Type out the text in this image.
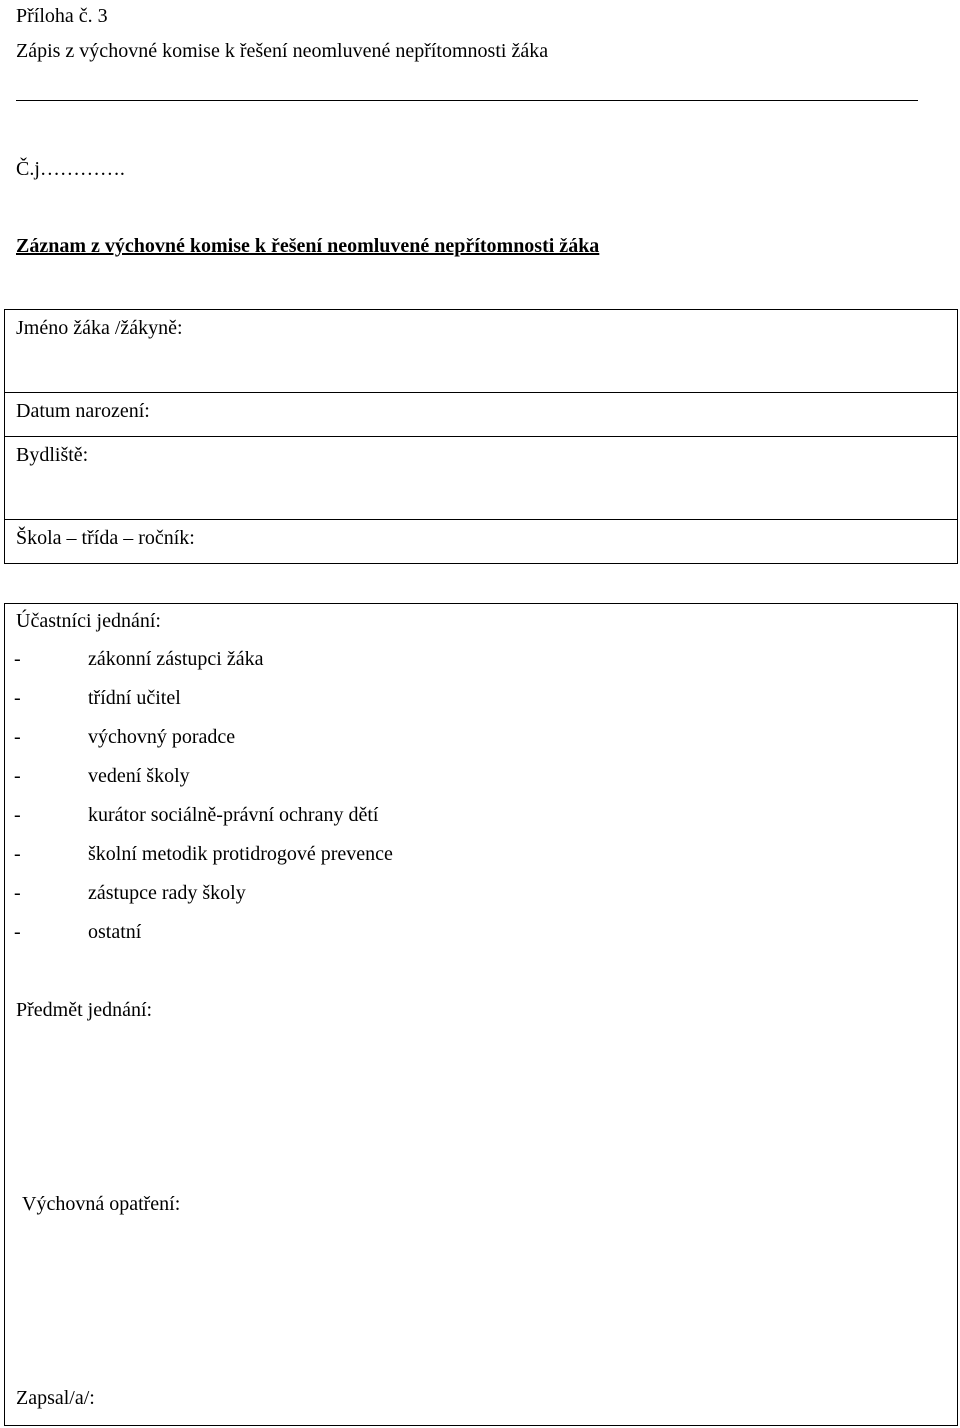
Příloha č. 3
Zápis z výchovné komise k řešení neomluvené nepřítomnosti žáka
Č.j………….
Záznam z výchovné komise k řešení neomluvené nepřítomnosti žáka
Jméno žáka /žákyně:
Datum narození:
Bydliště:
Škola – třída – ročník:
Účastníci jednání:
-	zákonní zástupci žáka
-	třídní učitel
-	výchovný poradce
-	vedení školy
-	kurátor sociálně-právní ochrany dětí
-	školní metodik protidrogové prevence
-	zástupce rady školy
-	ostatní
Předmět jednání:
Výchovná opatření:
Zapsal/a/:
